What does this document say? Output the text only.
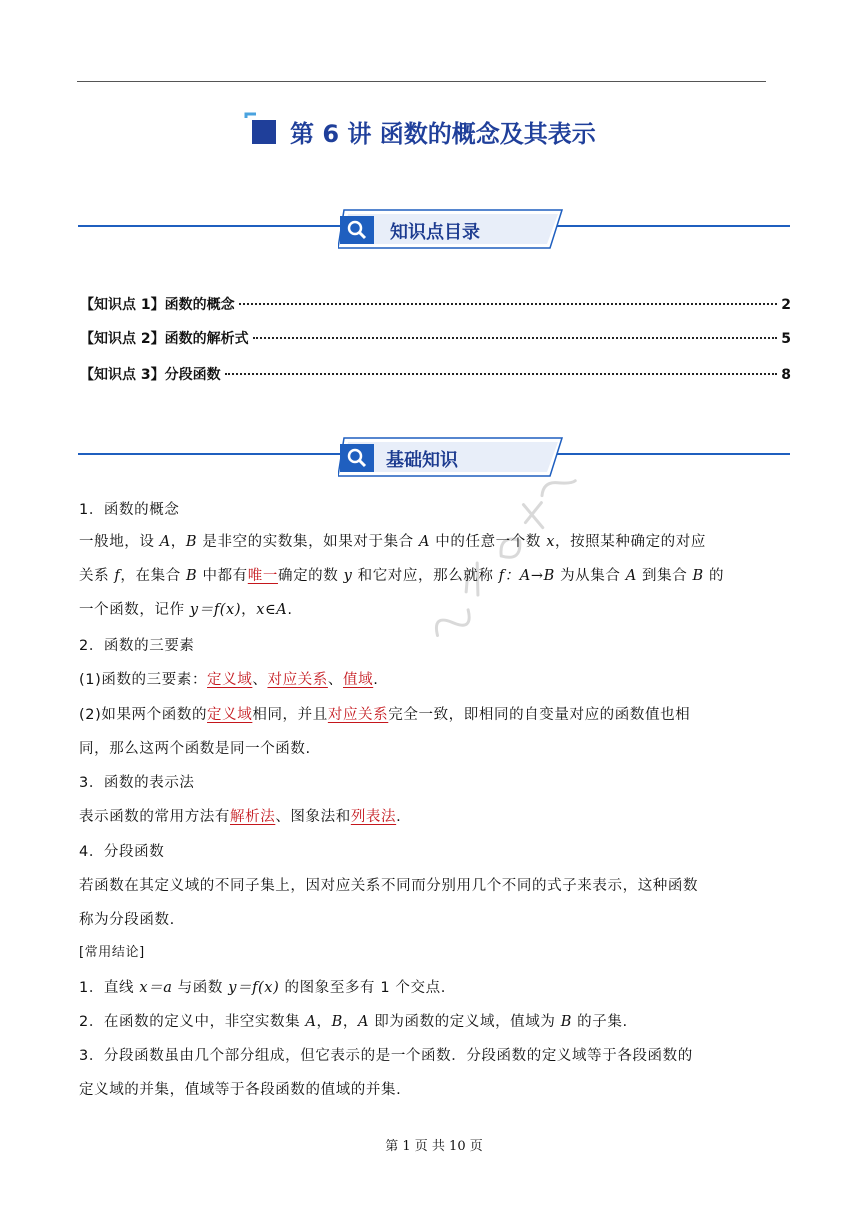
第 6 讲 函数的概念及其表示
知识点目录
【知识点 1】函数的概念	2
【知识点 2】函数的解析式	5
【知识点 3】分段函数	8
基础知识
1．函数的概念
一般地，设 A，B 是非空的实数集，如果对于集合 A 中的任意一个数 x，按照某种确定的对应
关系 f，在集合 B 中都有唯一确定的数 y 和它对应，那么就称 f：A→B 为从集合 A 到集合 B 的
一个函数，记作 y＝f(x)，x∈A.
2．函数的三要素
(1)函数的三要素：定义域、对应关系、值域.
(2)如果两个函数的定义域相同，并且对应关系完全一致，即相同的自变量对应的函数值也相
同，那么这两个函数是同一个函数.
3．函数的表示法
表示函数的常用方法有解析法、图象法和列表法.
4．分段函数
若函数在其定义域的不同子集上，因对应关系不同而分别用几个不同的式子来表示，这种函数
称为分段函数.
[常用结论]
1．直线 x＝a 与函数 y＝f(x) 的图象至多有 1 个交点.
2．在函数的定义中，非空实数集 A，B，A 即为函数的定义域，值域为 B 的子集.
3．分段函数虽由几个部分组成，但它表示的是一个函数．分段函数的定义域等于各段函数的
定义域的并集，值域等于各段函数的值域的并集.
第 1 页 共 10 页
